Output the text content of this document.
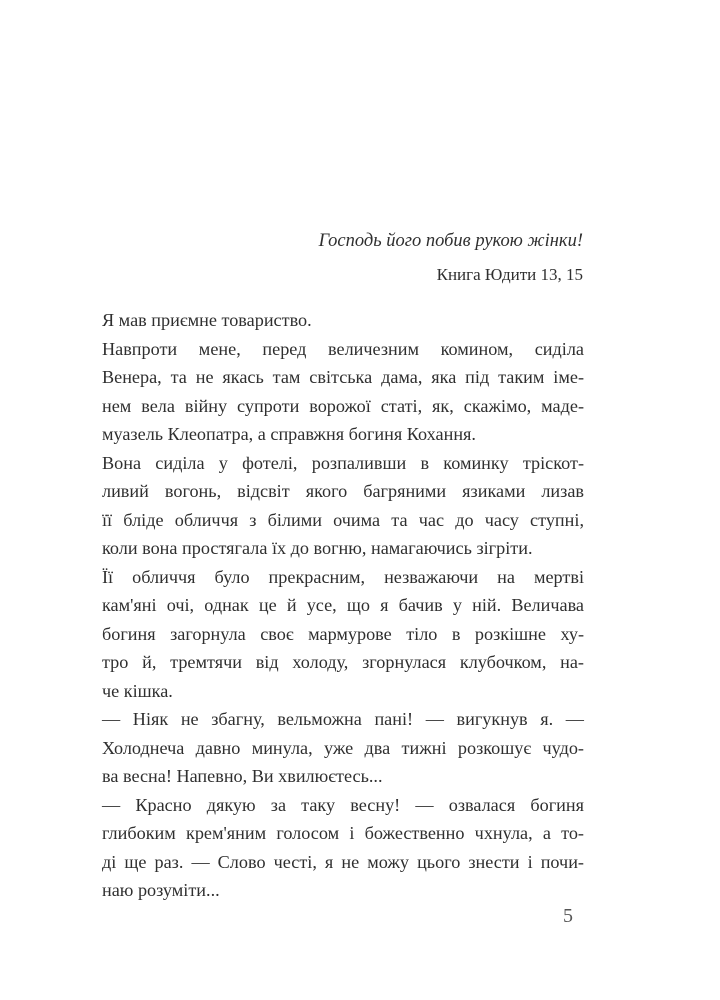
Господь його побив рукою жінки!

Книга Юдити 13, 15

Я мав приємне товариство.
Навпроти мене, перед величезним комином, сиділа
Венера, та не якась там світська дама, яка під таким іме-
нем вела війну супроти ворожої статі, як, скажімо, маде-
муазель Клеопатра, а справжня богиня Кохання.
Вона сиділа у фотелі, розпаливши в коминку тріскот-
ливий вогонь, відсвіт якого багряними язиками лизав
її бліде обличчя з білими очима та час до часу ступні,
коли вона простягала їх до вогню, намагаючись зігріти.
Її обличчя було прекрасним, незважаючи на мертві
кам'яні очі, однак це й усе, що я бачив у ній. Величава
богиня загорнула своє мармурове тіло в розкішне ху-
тро й, тремтячи від холоду, згорнулася клубочком, на-
че кішка.
— Ніяк не збагну, вельможна пані! — вигукнув я. —
Холоднеча давно минула, уже два тижні розкошує чудо-
ва весна! Напевно, Ви хвилюєтесь...
— Красно дякую за таку весну! — озвалася богиня
глибоким крем'яним голосом і божественно чхнула, а то-
ді ще раз. — Слово честі, я не можу цього знести і почи-
наю розуміти...
5
